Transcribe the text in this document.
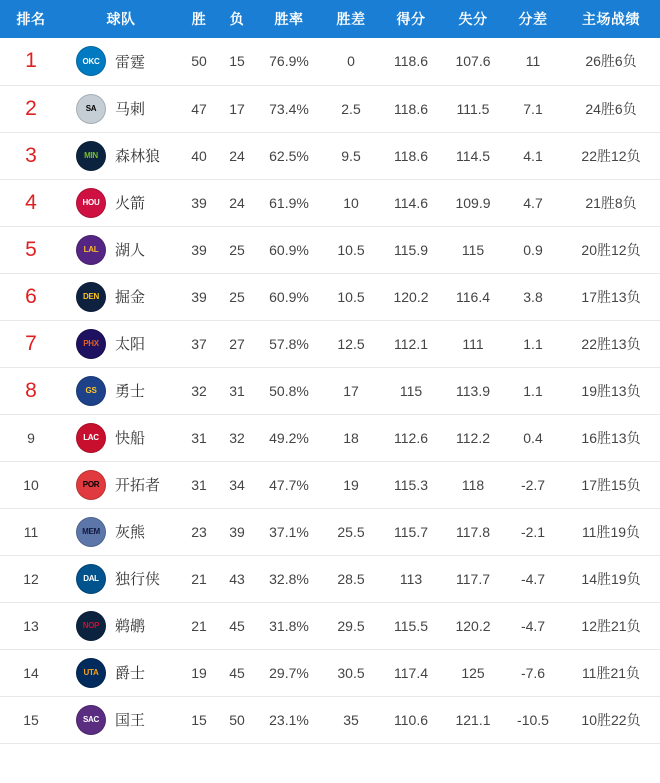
排名	球队	胜	负	胜率	胜差	得分	失分	分差	主场战绩
1	OKC 雷霆	50	15	76.9%	0	118.6	107.6	11	26胜6负
2	SA 马刺	47	17	73.4%	2.5	118.6	111.5	7.1	24胜6负
3	MIN 森林狼	40	24	62.5%	9.5	118.6	114.5	4.1	22胜12负
4	HOU 火箭	39	24	61.9%	10	114.6	109.9	4.7	21胜8负
5	LAL 湖人	39	25	60.9%	10.5	115.9	115	0.9	20胜12负
6	DEN 掘金	39	25	60.9%	10.5	120.2	116.4	3.8	17胜13负
7	PHX 太阳	37	27	57.8%	12.5	112.1	111	1.1	22胜13负
8	GS 勇士	32	31	50.8%	17	115	113.9	1.1	19胜13负
9	LAC 快船	31	32	49.2%	18	112.6	112.2	0.4	16胜13负
10	POR 开拓者	31	34	47.7%	19	115.3	118	-2.7	17胜15负
11	MEM 灰熊	23	39	37.1%	25.5	115.7	117.8	-2.1	11胜19负
12	DAL 独行侠	21	43	32.8%	28.5	113	117.7	-4.7	14胜19负
13	NOP 鹈鹕	21	45	31.8%	29.5	115.5	120.2	-4.7	12胜21负
14	UTA 爵士	19	45	29.7%	30.5	117.4	125	-7.6	11胜21负
15	SAC 国王	15	50	23.1%	35	110.6	121.1	-10.5	10胜22负
